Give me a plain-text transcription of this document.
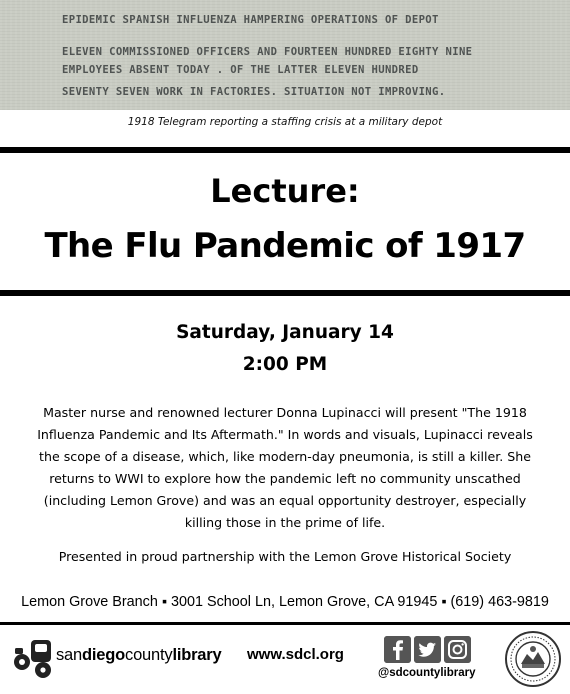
EPIDEMIC SPANISH INFLUENZA HAMPERING OPERATIONS OF DEPOT
ELEVEN COMMISSIONED OFFICERS AND FOURTEEN HUNDRED EIGHTY NINE
EMPLOYEES ABSENT TODAY . OF THE LATTER ELEVEN HUNDRED
SEVENTY SEVEN WORK IN FACTORIES. SITUATION NOT IMPROVING.
1918 Telegram reporting a staffing crisis at a military depot
Lecture:
The Flu Pandemic of 1917
Saturday, January 14
2:00 PM

Master nurse and renowned lecturer Donna Lupinacci will present "The 1918

Influenza Pandemic and Its Aftermath." In words and visuals, Lupinacci reveals

the scope of a disease, which, like modern-day pneumonia, is still a killer. She

returns to WWI to explore how the pandemic left no community unscathed

(including Lemon Grove) and was an equal opportunity destroyer, especially

killing those in the prime of life.

Presented in proud partnership with the Lemon Grove Historical Society

Lemon Grove Branch ▪ 3001 School Ln, Lemon Grove, CA 91945 ▪ (619) 463-9819
sandiegocountylibrary www.sdcl.org
@sdcountylibrary
